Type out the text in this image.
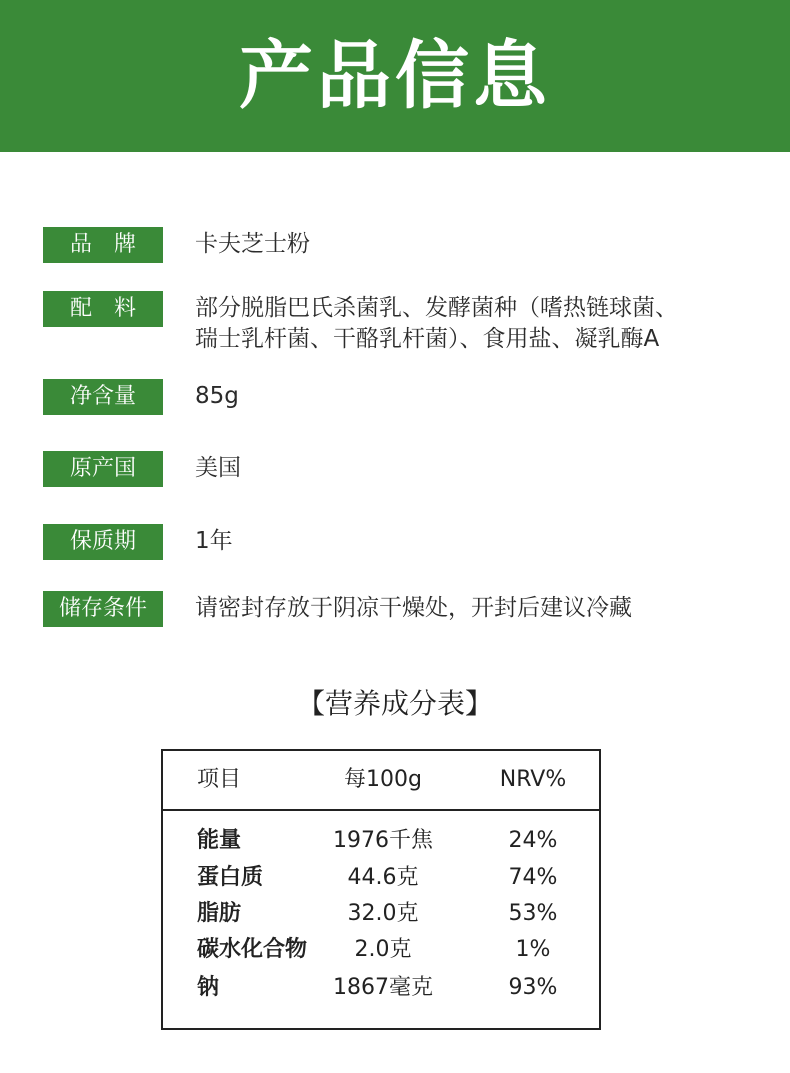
产品信息
品　牌	卡夫芝士粉
配　料	部分脱脂巴氏杀菌乳、发酵菌种（嗜热链球菌、
瑞士乳杆菌、干酪乳杆菌）、食用盐、凝乳酶A
净含量	85g
原产国	美国
保质期	1年
储存条件	请密封存放于阴凉干燥处，开封后建议冷藏
【营养成分表】
项目	每100g	NRV%
能量	1976千焦	24%
蛋白质	44.6克	74%
脂肪	32.0克	53%
碳水化合物	2.0克	1%
钠	1867毫克	93%
